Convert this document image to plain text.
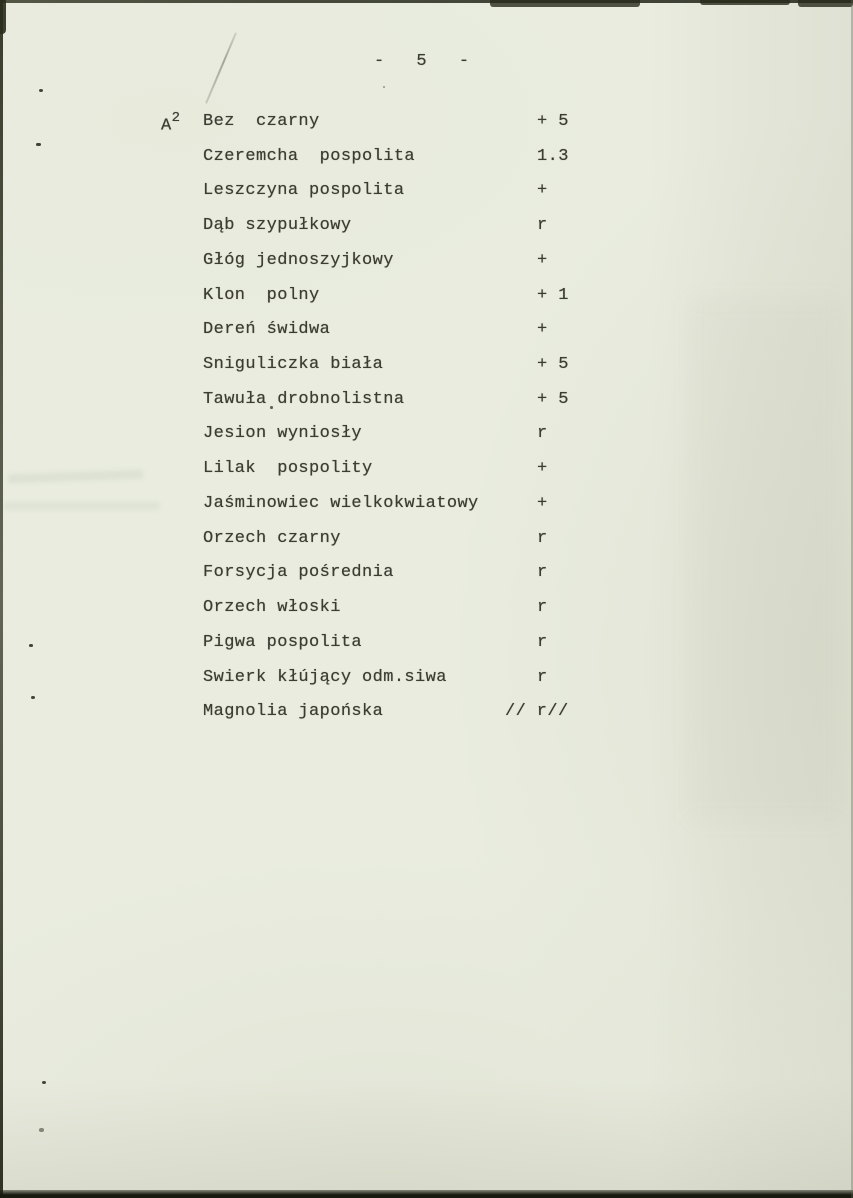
-   5   -
$A^2$ Bez  czarny	+ 5
Czeremcha  pospolita	1.3
Leszczyna pospolita	+
Dąb szypułkowy	r
Głóg jednoszyjkowy	+
Klon  polny	+ 1
Dereń świdwa	+
Sniguliczka biała	+ 5
Tawuła drobnolistna	+ 5
Jesion wyniosły	r
Lilak  pospolity	+
Jaśminowiec wielkokwiatowy	+
Orzech czarny	r
Forsycja pośrednia	r
Orzech włoski	r
Pigwa pospolita	r
Swierk kłújący odm.siwa	r
Magnolia japońska	// r//
